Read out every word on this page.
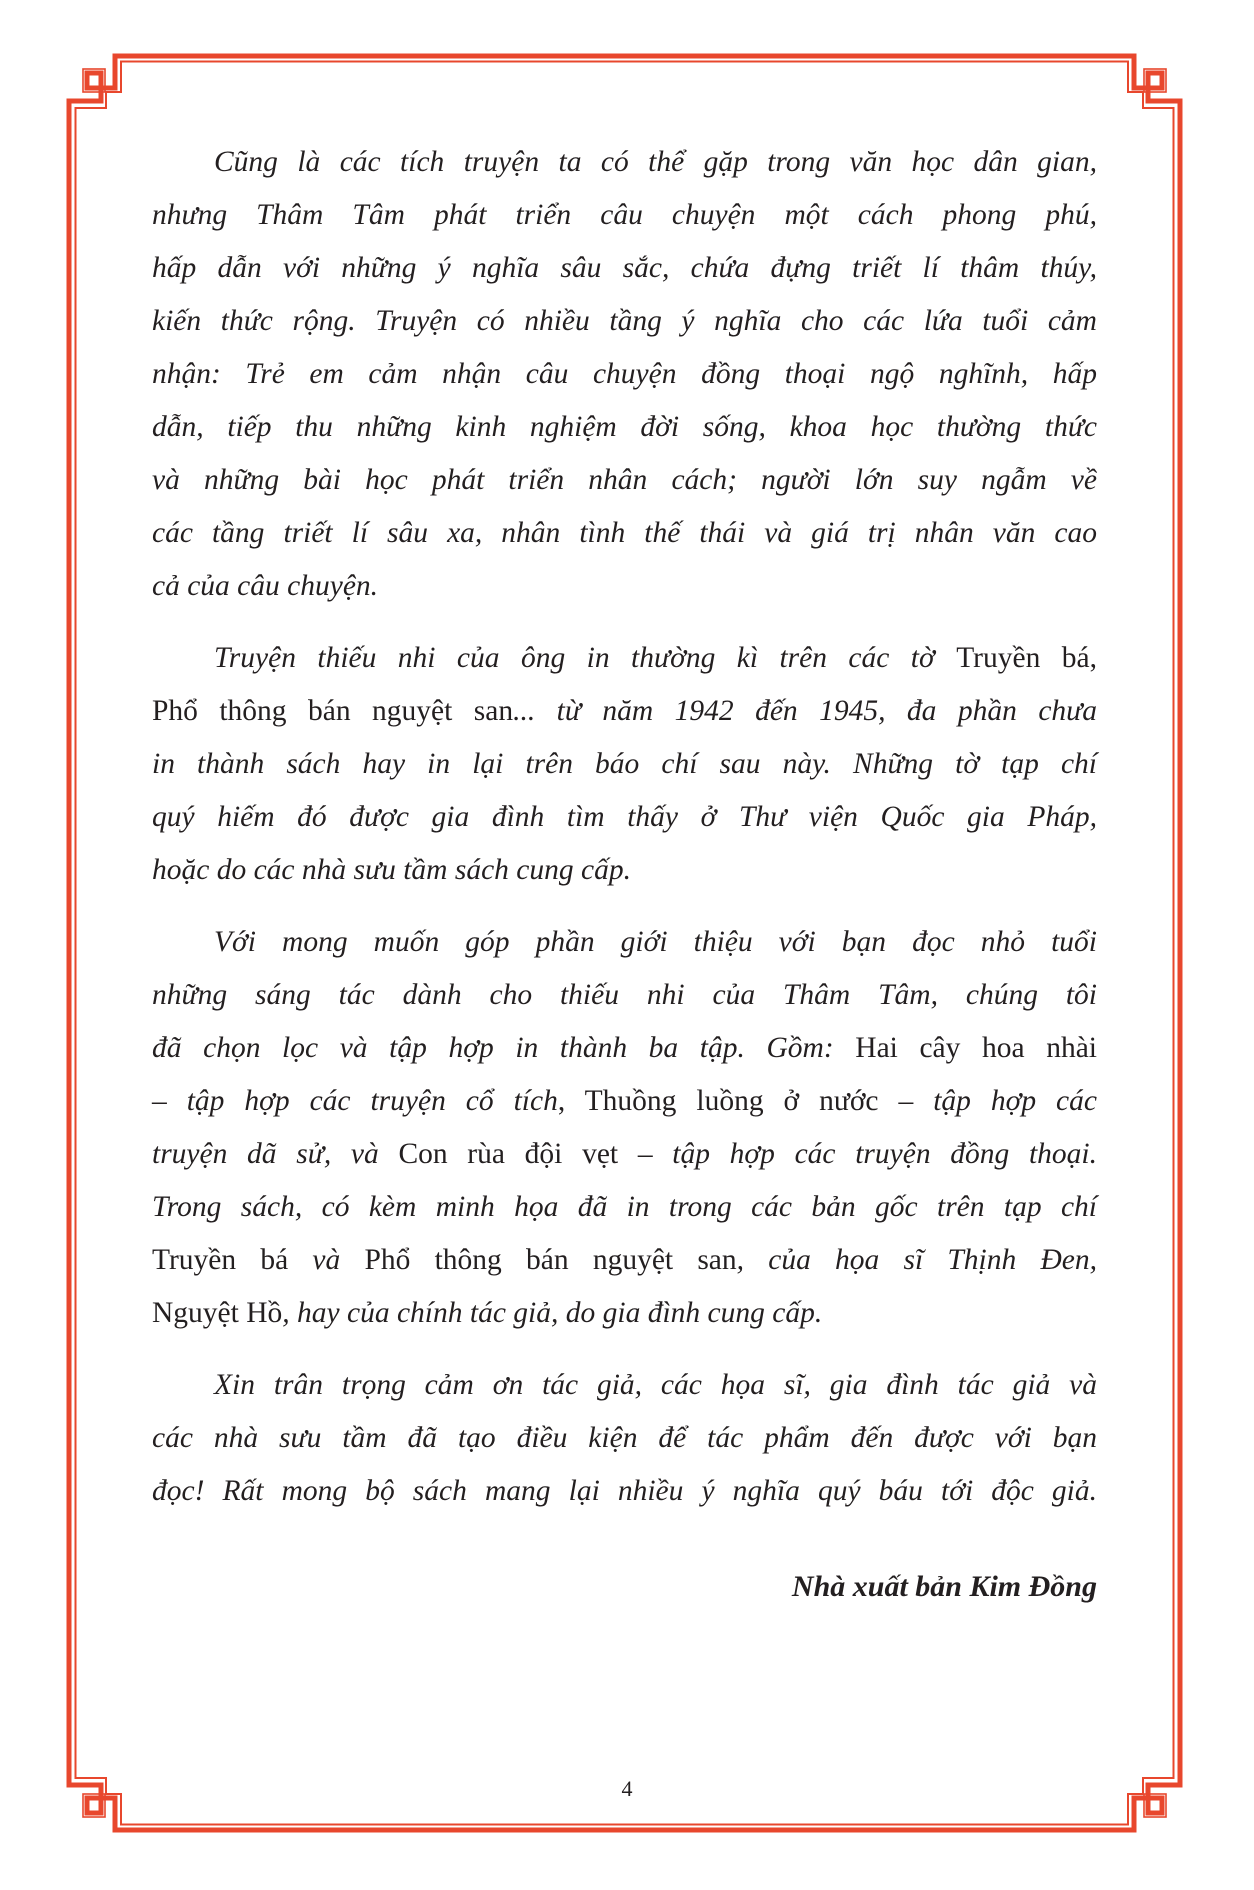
Cũng là các tích truyện ta có thể gặp trong văn học dân gian,
nhưng Thâm Tâm phát triển câu chuyện một cách phong phú,
hấp dẫn với những ý nghĩa sâu sắc, chứa đựng triết lí thâm thúy,
kiến thức rộng. Truyện có nhiều tầng ý nghĩa cho các lứa tuổi cảm
nhận: Trẻ em cảm nhận câu chuyện đồng thoại ngộ nghĩnh, hấp
dẫn, tiếp thu những kinh nghiệm đời sống, khoa học thường thức
và những bài học phát triển nhân cách; người lớn suy ngẫm về
các tầng triết lí sâu xa, nhân tình thế thái và giá trị nhân văn cao
cả của câu chuyện.
Truyện thiếu nhi của ông in thường kì trên các tờ Truyền bá,
Phổ thông bán nguyệt san... từ năm 1942 đến 1945, đa phần chưa
in thành sách hay in lại trên báo chí sau này. Những tờ tạp chí
quý hiếm đó được gia đình tìm thấy ở Thư viện Quốc gia Pháp,
hoặc do các nhà sưu tầm sách cung cấp.
Với mong muốn góp phần giới thiệu với bạn đọc nhỏ tuổi
những sáng tác dành cho thiếu nhi của Thâm Tâm, chúng tôi
đã chọn lọc và tập hợp in thành ba tập. Gồm: Hai cây hoa nhài
– tập hợp các truyện cổ tích, Thuồng luồng ở nước – tập hợp các
truyện dã sử, và Con rùa đội vẹt – tập hợp các truyện đồng thoại.
Trong sách, có kèm minh họa đã in trong các bản gốc trên tạp chí
Truyền bá và Phổ thông bán nguyệt san, của họa sĩ Thịnh Đen,
Nguyệt Hồ, hay của chính tác giả, do gia đình cung cấp.
Xin trân trọng cảm ơn tác giả, các họa sĩ, gia đình tác giả và
các nhà sưu tầm đã tạo điều kiện để tác phẩm đến được với bạn
đọc! Rất mong bộ sách mang lại nhiều ý nghĩa quý báu tới độc giả.
Nhà xuất bản Kim Đồng
4
